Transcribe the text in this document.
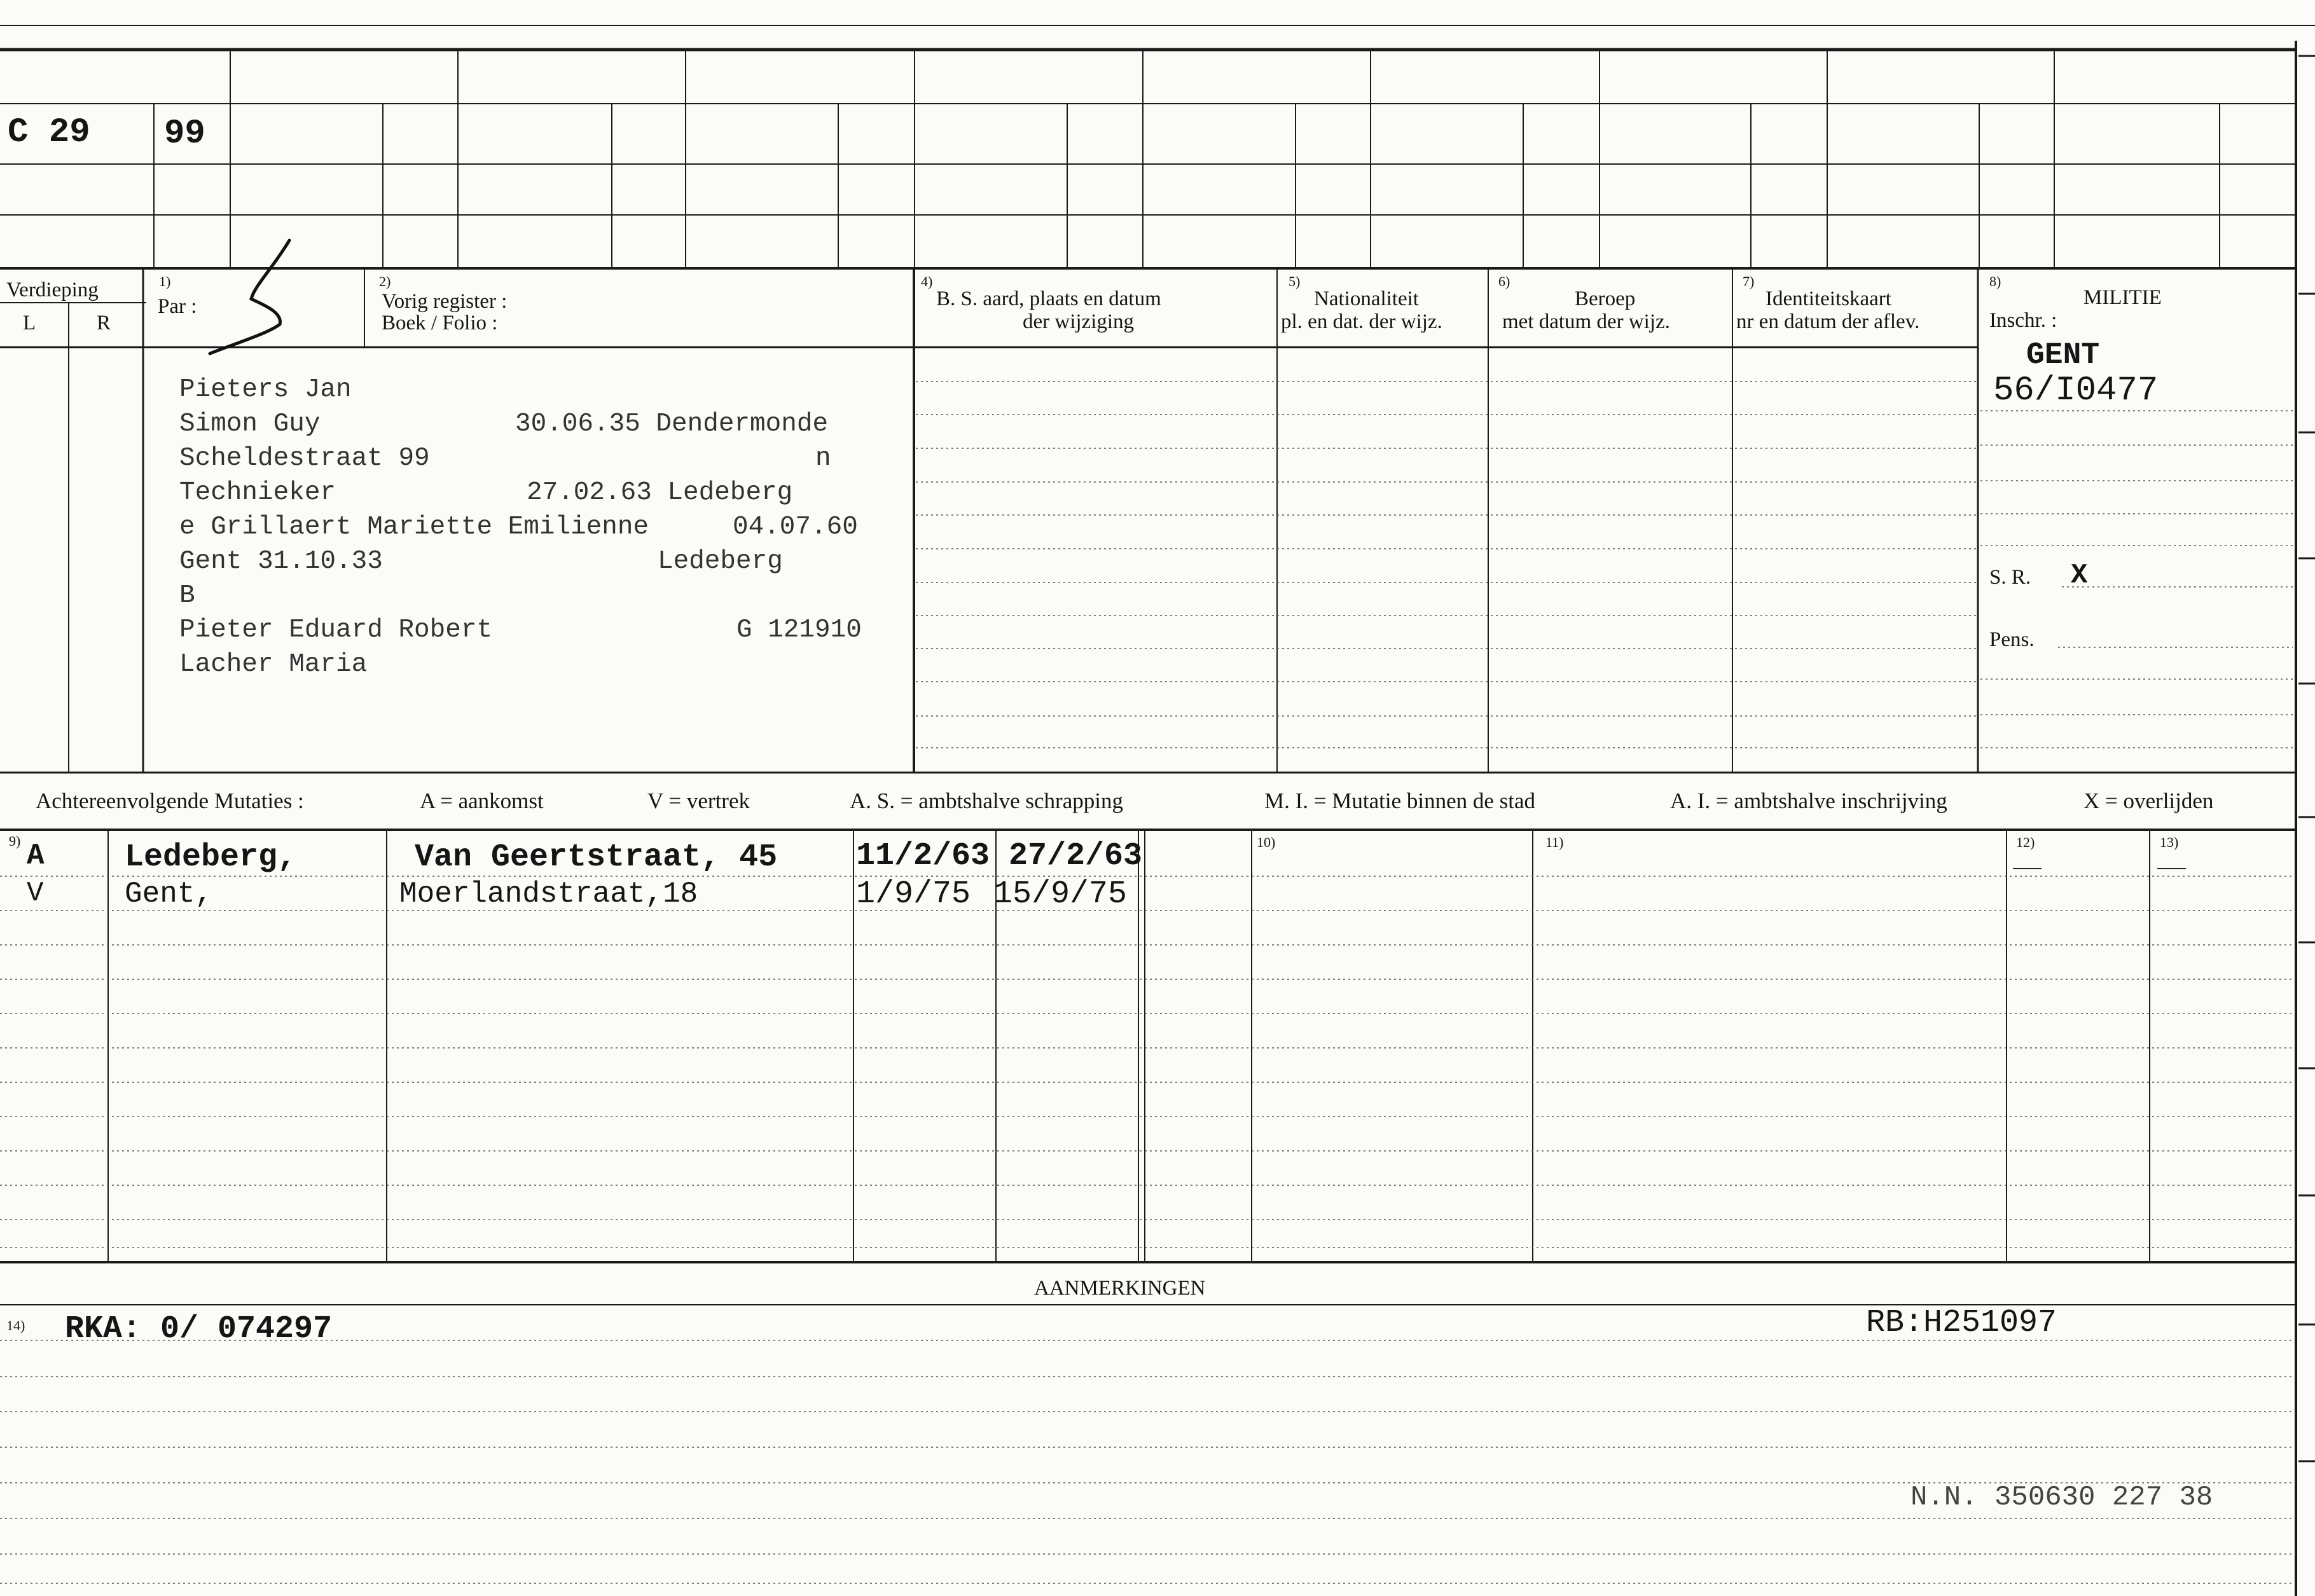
C 29 99
Verdieping
L	R
1)
Par :
2)
Vorig register :
Boek / Folio :
4)
B. S. aard, plaats en datum
der wijziging
5)
Nationaliteit
pl. en dat. der wijz.
6)
Beroep
met datum der wijz.
7)
Identiteitskaart
nr en datum der aflev.
8)
MILITIE
Inschr. :
Pieters Jan
Simon Guy	30.06.35 Dendermonde
Scheldestraat 99	n
Technieker	27.02.63 Ledeberg
e Grillaert Mariette Emilienne	04.07.60
Gent 31.10.33	Ledeberg
B
Pieter Eduard Robert	G 121910
Lacher Maria
GENT
56/I0477
S. R. X
Pens.
Achtereenvolgende Mutaties :	A = aankomst	V = vertrek	A. S. = ambtshalve schrapping	M. I. = Mutatie binnen de stad	A. I. = ambtshalve inschrijving	X = overlijden
9)	10)	11)	12)	13)
A	Ledeberg,	Van Geertstraat, 45 11/2/63 27/2/63
V	Gent,	Moerlandstraat,18	1/9/75 15/9/75
AANMERKINGEN
14) RKA: 0/ 074297	RB:H251097
N.N. 350630 227 38
